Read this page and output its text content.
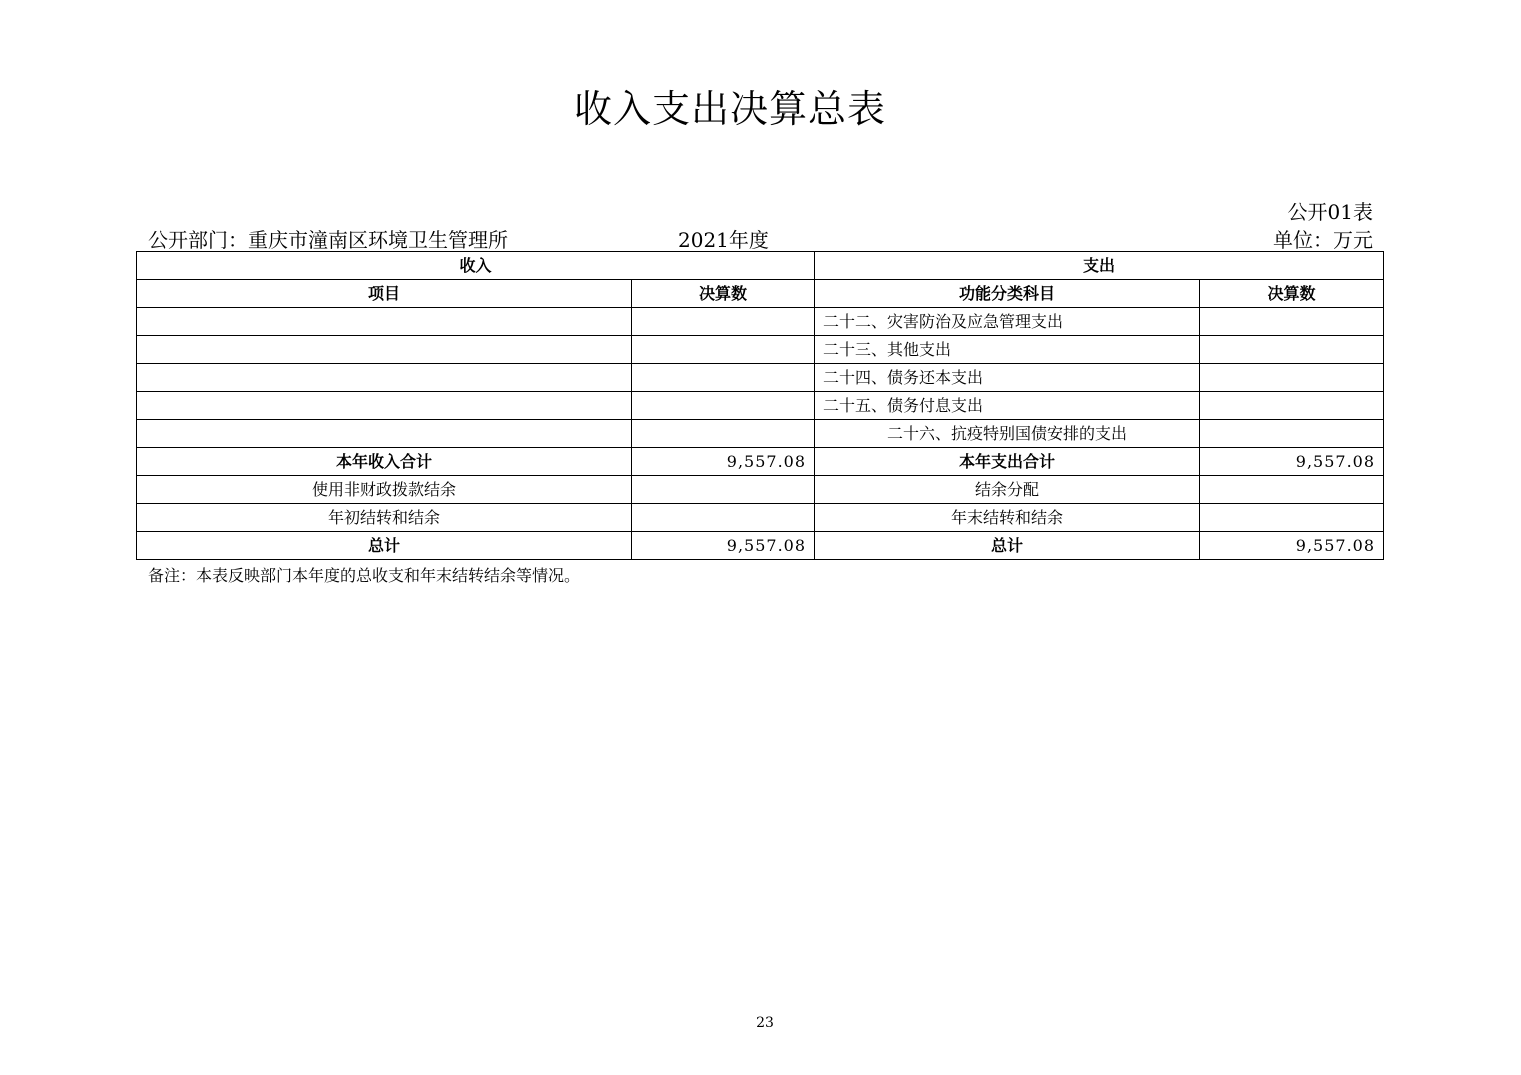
收入支出决算总表
公开01表
公开部门：重庆市潼南区环境卫生管理所	2021年度	单位：万元
收入		支出	
项目	决算数	功能分类科目	决算数
		二十二、灾害防治及应急管理支出	
		二十三、其他支出	
		二十四、债务还本支出	
		二十五、债务付息支出	
		二十六、抗疫特别国债安排的支出	
本年收入合计	9,557.08	本年支出合计	9,557.08
使用非财政拨款结余		结余分配	
年初结转和结余		年末结转和结余	
总计	9,557.08	总计	9,557.08
备注：本表反映部门本年度的总收支和年末结转结余等情况。
23
